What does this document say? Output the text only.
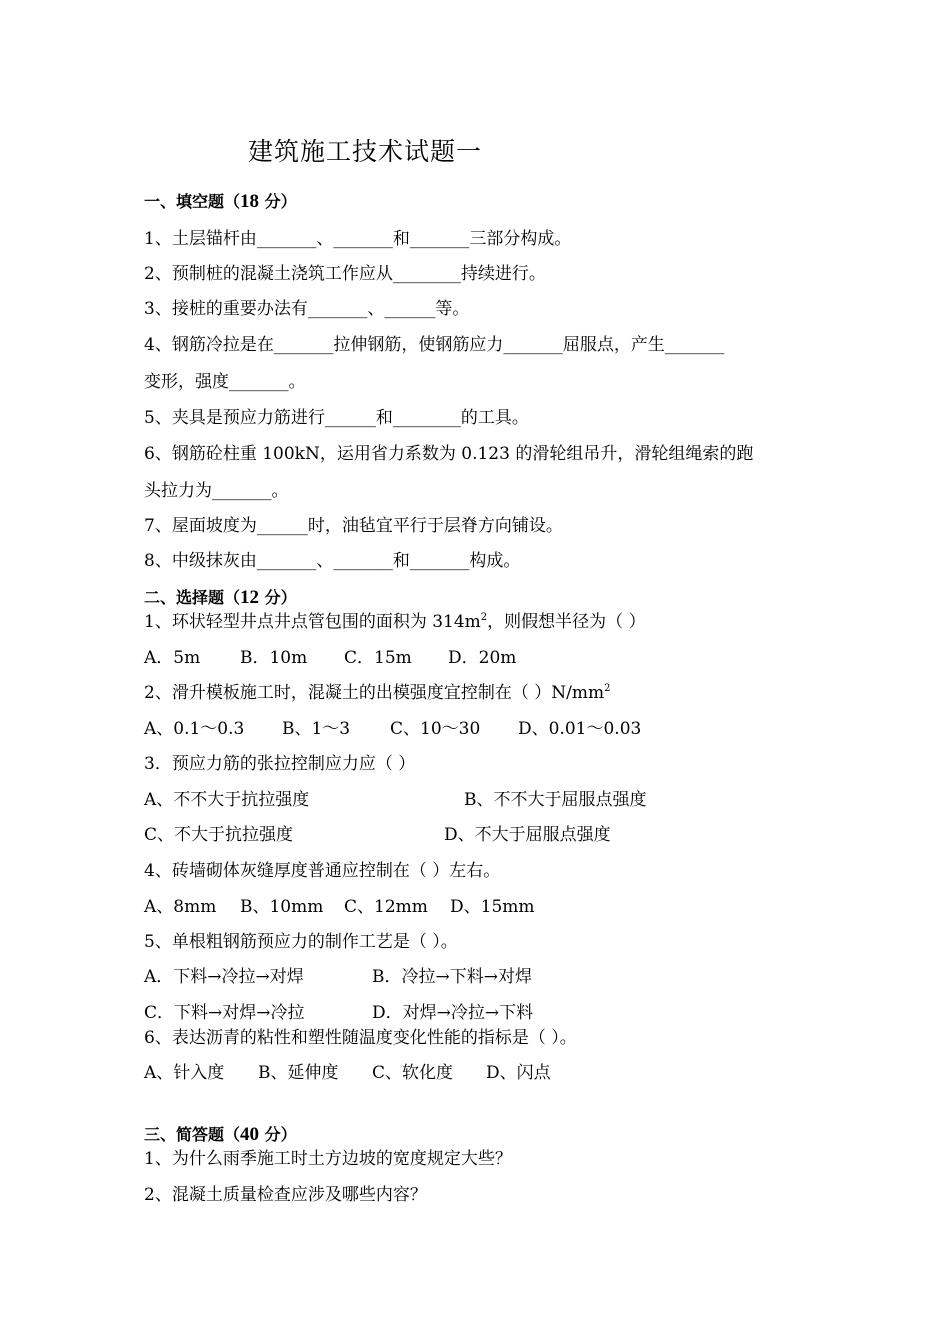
建筑施工技术试题一
一、填空题（18 分）
1、土层锚杆由_______、_______和_______三部分构成。
2、预制桩的混凝土浇筑工作应从________持续进行。
3、接桩的重要办法有_______、______等。
4、钢筋冷拉是在_______拉伸钢筋，使钢筋应力_______屈服点，产生_______
变形，强度_______。
5、夹具是预应力筋进行______和________的工具。
6、钢筋砼柱重 100kN，运用省力系数为 0.123 的滑轮组吊升，滑轮组绳索的跑
头拉力为_______。
7、屋面坡度为______时，油毡宜平行于层脊方向铺设。
8、中级抹灰由_______、_______和_______构成。
二、选择题（12 分）
1、环状轻型井点井点管包围的面积为 $314m^2$，则假想半径为（ ）
A．5m B．10m C．15m D．20m
2、滑升模板施工时，混凝土的出模强度宜控制在（ ）$N/mm^2$
A、0.1～0.3 B、1～3 C、10～30 D、0.01～0.03
3．预应力筋的张拉控制应力应（ ）
A、不不大于抗拉强度	B、不不大于屈服点强度
C、不大于抗拉强度	D、不大于屈服点强度
4、砖墙砌体灰缝厚度普通应控制在（ ）左右。
A、8mm B、10mm C、12mm D、15mm
5、单根粗钢筋预应力的制作工艺是（ ）。
A．下料→冷拉→对焊	B．冷拉→下料→对焊
C．下料→对焊→冷拉	D．对焊→冷拉→下料
6、表达沥青的粘性和塑性随温度变化性能的指标是（ ）。
A、针入度 B、延伸度 C、软化度 D、闪点
三、简答题（40 分）
1、为什么雨季施工时土方边坡的宽度规定大些？
2、混凝土质量检查应涉及哪些内容？
